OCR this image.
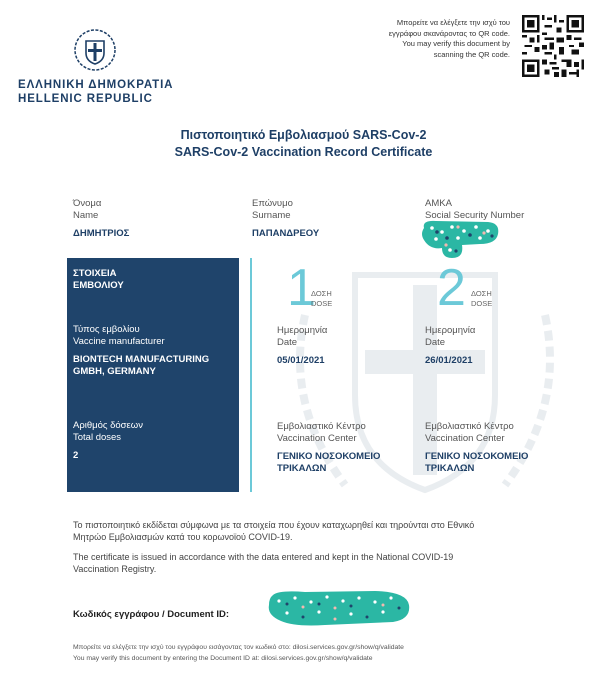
ΕΛΛΗΝΙΚΗ ΔΗΜΟΚΡΑΤΙΑ
HELLENIC REPUBLIC
Μπορείτε να ελέγξετε την ισχύ του
εγγράφου σκανάροντας το QR code.
You may verify this document by
scanning the QR code.
Πιστοποιητικό Εμβολιασμού SARS-Cov-2
SARS-Cov-2 Vaccination Record Certificate
Όνομα
Name
ΔΗΜΗΤΡΙΟΣ
Επώνυμο
Surname
ΠΑΠΑΝΔΡΕΟΥ
ΑΜΚΑ
Social Security Number
ΣΤΟΙΧΕΙΑ
ΕΜΒΟΛΙΟΥ
Τύπος εμβολίου
Vaccine manufacturer
BIONTECH MANUFACTURING
GMBH, GERMANY
Αριθμός δόσεων
Total doses
2
1
ΔΟΣΗ
DOSE
Ημερομηνία
Date
05/01/2021
Εμβολιαστικό Κέντρο
Vaccination Center
ΓΕΝΙΚΟ ΝΟΣΟΚΟΜΕΙΟ
ΤΡΙΚΑΛΩΝ
2 ΔΟΣΗ
DOSE
Ημερομηνία
Date
26/01/2021
Εμβολιαστικό Κέντρο
Vaccination Center
ΓΕΝΙΚΟ ΝΟΣΟΚΟΜΕΙΟ
ΤΡΙΚΑΛΩΝ
Το πιστοποιητικό εκδίδεται σύμφωνα με τα στοιχεία που έχουν καταχωρηθεί και τηρούνται στο Εθνικό
Μητρώο Εμβολιασμών κατά του κορωνοϊού COVID-19.
The certificate is issued in accordance with the data entered and kept in the National COVID-19
Vaccination Registry.
Κωδικός εγγράφου / Document ID:
Μπορείτε να ελέγξετε την ισχύ του εγγράφου εισάγοντας τον κωδικό στο: dilosi.services.gov.gr/show/q/validate
You may verify this document by entering the Document ID at: dilosi.services.gov.gr/show/q/validate
